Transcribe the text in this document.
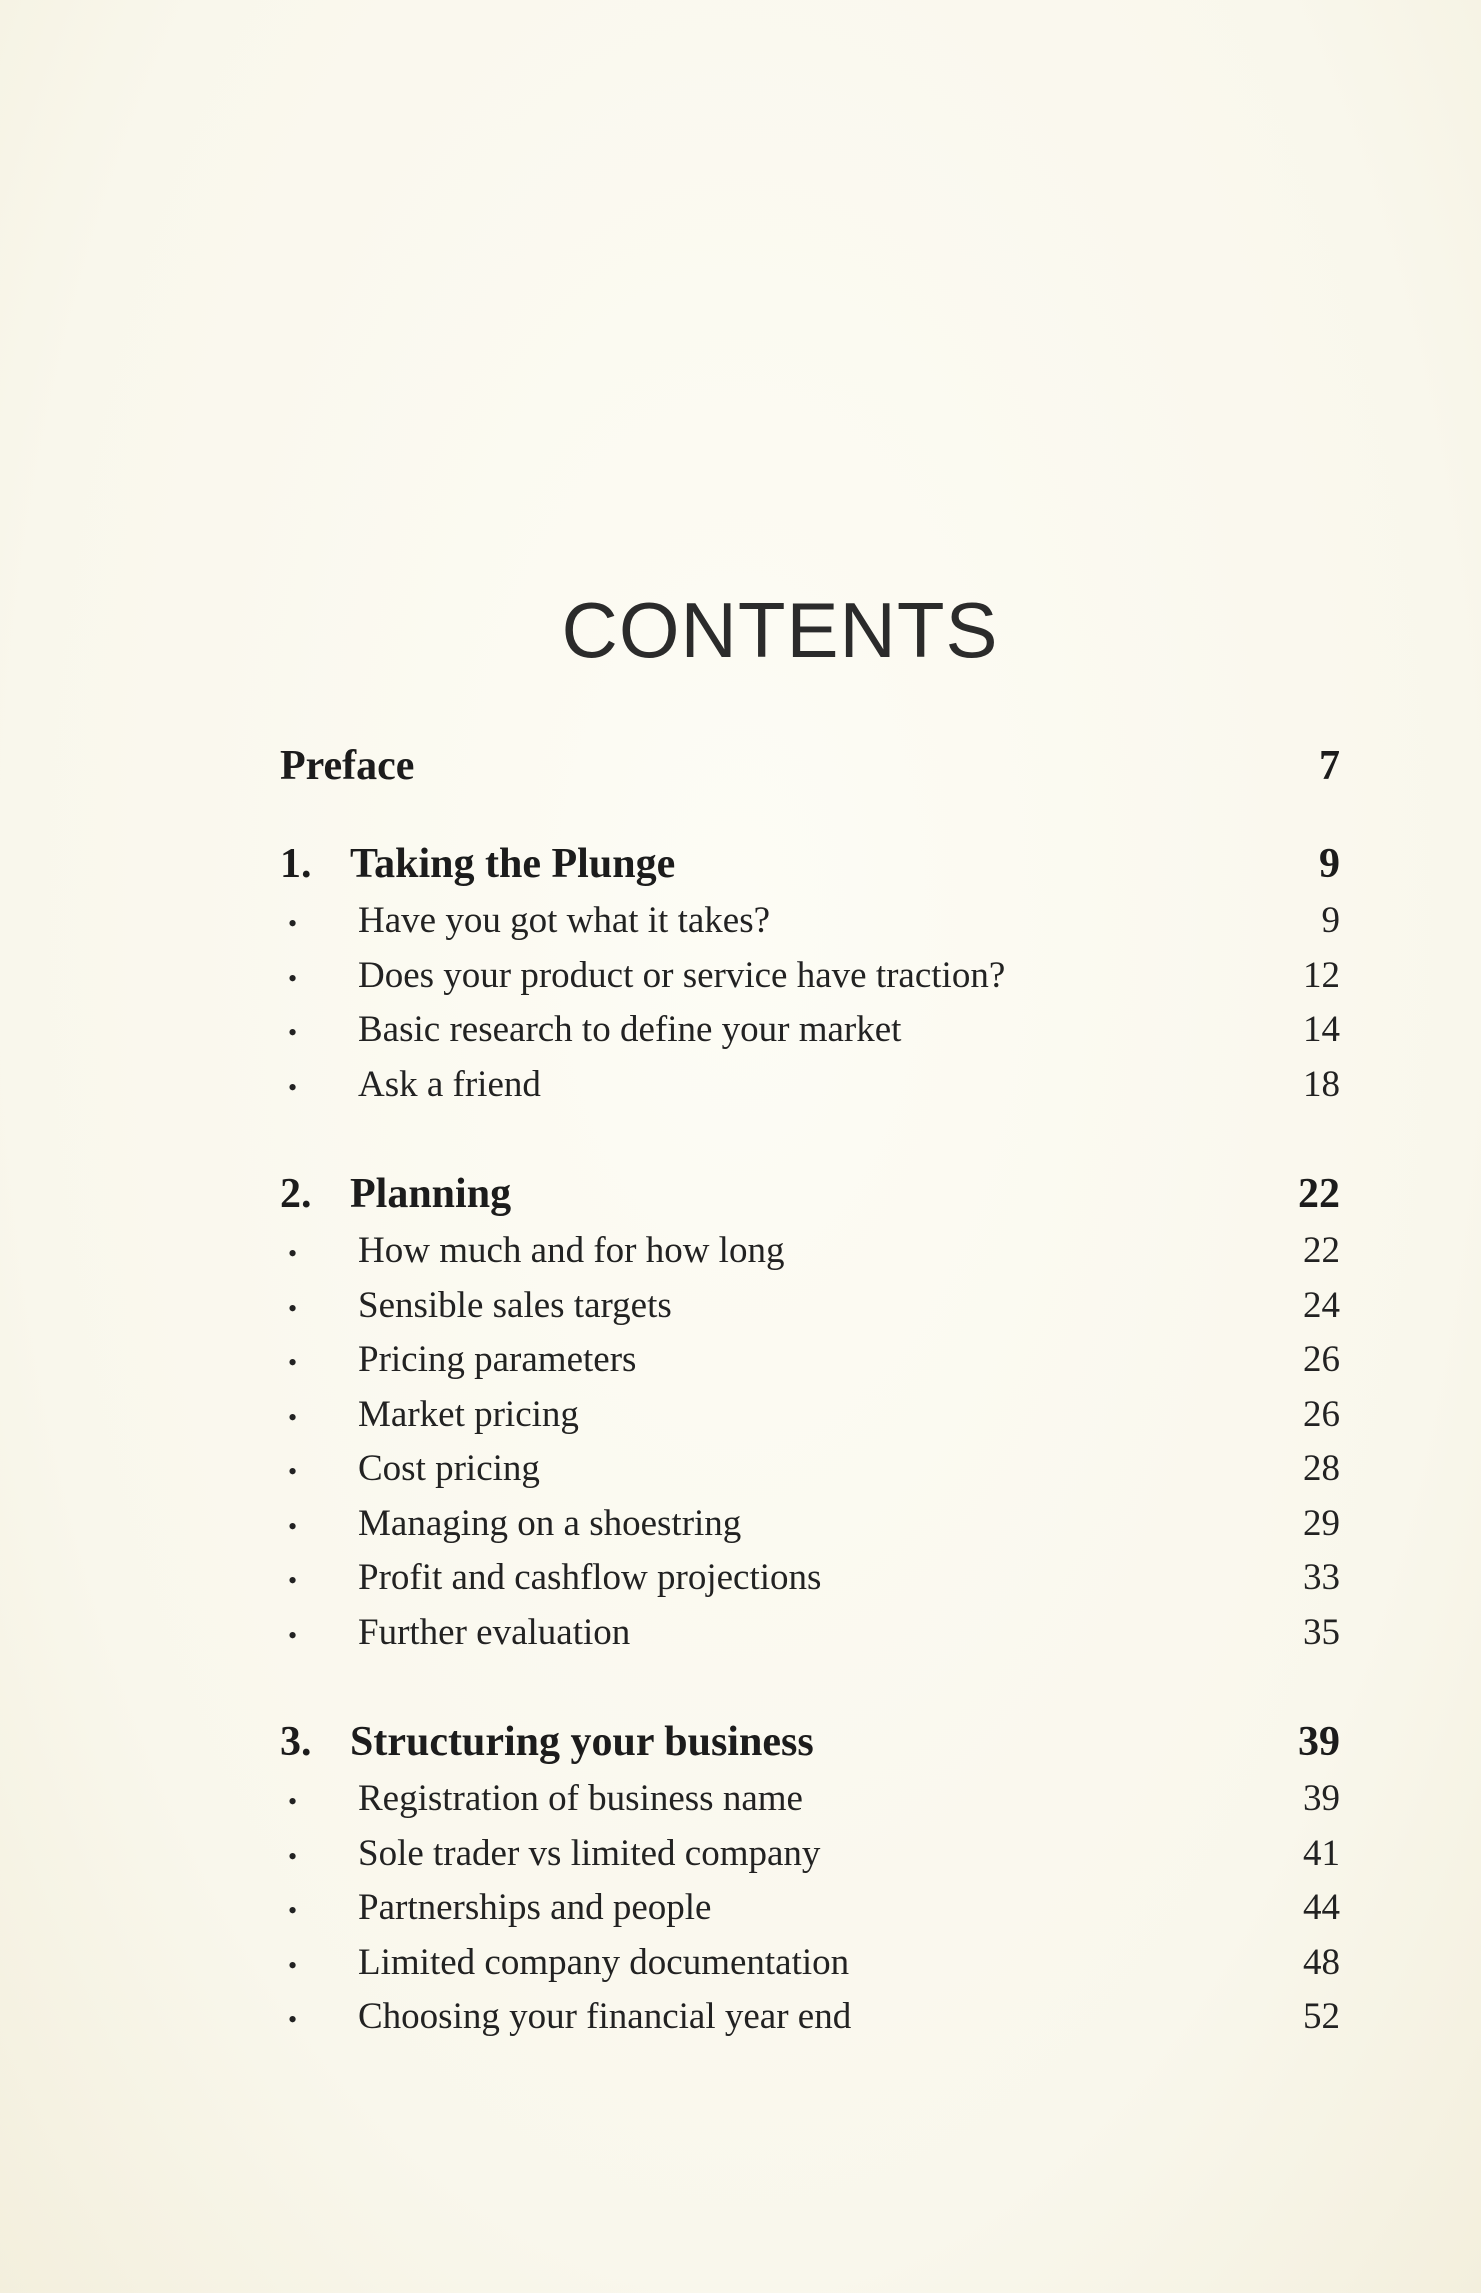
CONTENTS
Preface	7
1. Taking the Plunge	9
•	Have you got what it takes?	9
•	Does your product or service have traction?	12
•	Basic research to define your market	14
•	Ask a friend	18
2. Planning	22
•	How much and for how long	22
•	Sensible sales targets	24
•	Pricing parameters	26
•	Market pricing	26
•	Cost pricing	28
•	Managing on a shoestring	29
•	Profit and cashflow projections	33
•	Further evaluation	35
3. Structuring your business	39
•	Registration of business name	39
•	Sole trader vs limited company	41
•	Partnerships and people	44
•	Limited company documentation	48
•	Choosing your financial year end	52
